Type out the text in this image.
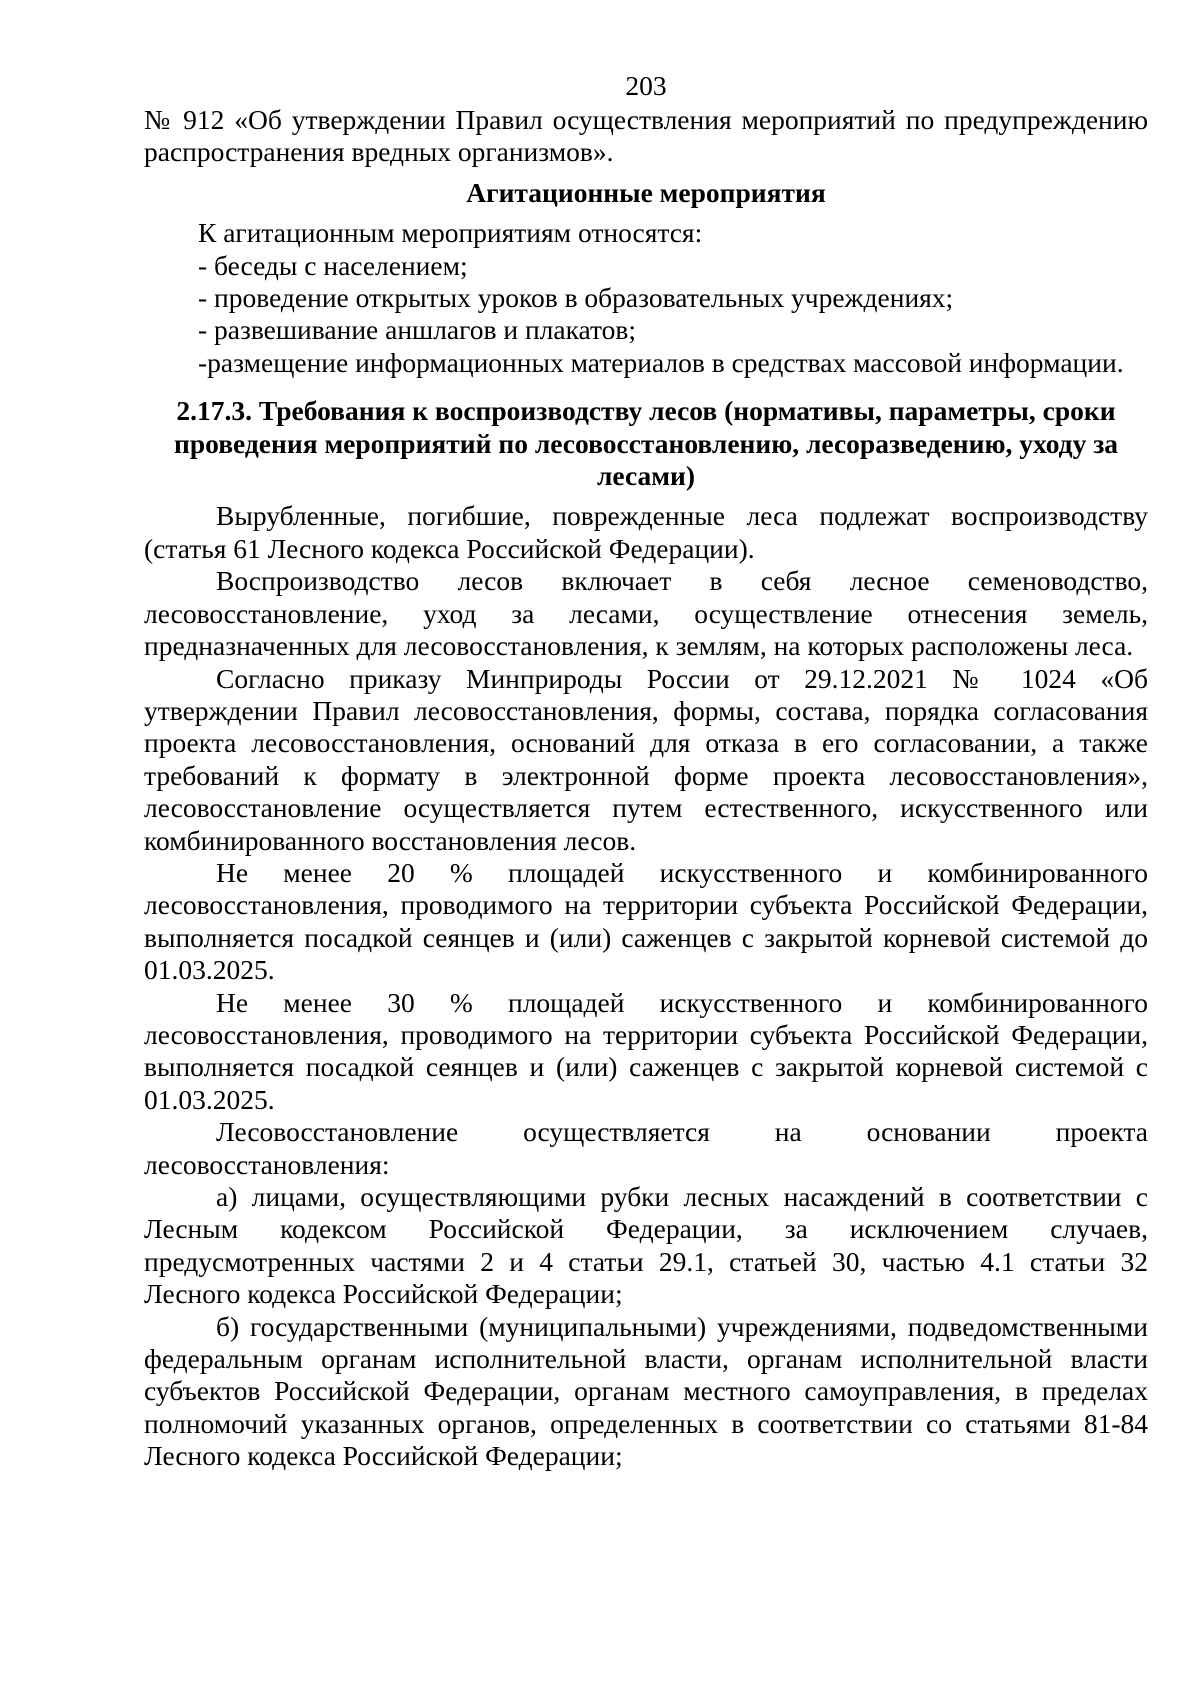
203

№ 912 «Об утверждении Правил осуществления мероприятий по предупреждению распространения вредных организмов».

Агитационные мероприятия

К агитационным мероприятиям относятся:

- беседы с населением;

- проведение открытых уроков в образовательных учреждениях;

- развешивание аншлагов и плакатов;

-размещение информационных материалов в средствах массовой информации.

2.17.3. Требования к воспроизводству лесов (нормативы, параметры, сроки проведения мероприятий по лесовосстановлению, лесоразведению, уходу за лесами)

Вырубленные, погибшие, поврежденные леса подлежат воспроизводству (статья 61 Лесного кодекса Российской Федерации).

Воспроизводство лесов включает в себя лесное семеноводство, лесовосстановление, уход за лесами, осуществление отнесения земель, предназначенных для лесовосстановления, к землям, на которых расположены леса.

Согласно приказу Минприроды России от 29.12.2021 № 1024 «Об утверждении Правил лесовосстановления, формы, состава, порядка согласования проекта лесовосстановления, оснований для отказа в его согласовании, а также требований к формату в электронной форме проекта лесовосстановления», лесовосстановление осуществляется путем естественного, искусственного или комбинированного восстановления лесов.

Не менее 20 % площадей искусственного и комбинированного лесовосстановления, проводимого на территории субъекта Российской Федерации, выполняется посадкой сеянцев и (или) саженцев с закрытой корневой системой до 01.03.2025.

Не менее 30 % площадей искусственного и комбинированного лесовосстановления, проводимого на территории субъекта Российской Федерации, выполняется посадкой сеянцев и (или) саженцев с закрытой корневой системой с 01.03.2025.

Лесовосстановление осуществляется на основании проекта лесовосстановления:

а) лицами, осуществляющими рубки лесных насаждений в соответствии с Лесным кодексом Российской Федерации, за исключением случаев, предусмотренных частями 2 и 4 статьи 29.1, статьей 30, частью 4.1 статьи 32 Лесного кодекса Российской Федерации;

б) государственными (муниципальными) учреждениями, подведомственными федеральным органам исполнительной власти, органам исполнительной власти субъектов Российской Федерации, органам местного самоуправления, в пределах полномочий указанных органов, определенных в соответствии со статьями 81-84 Лесного кодекса Российской Федерации;
